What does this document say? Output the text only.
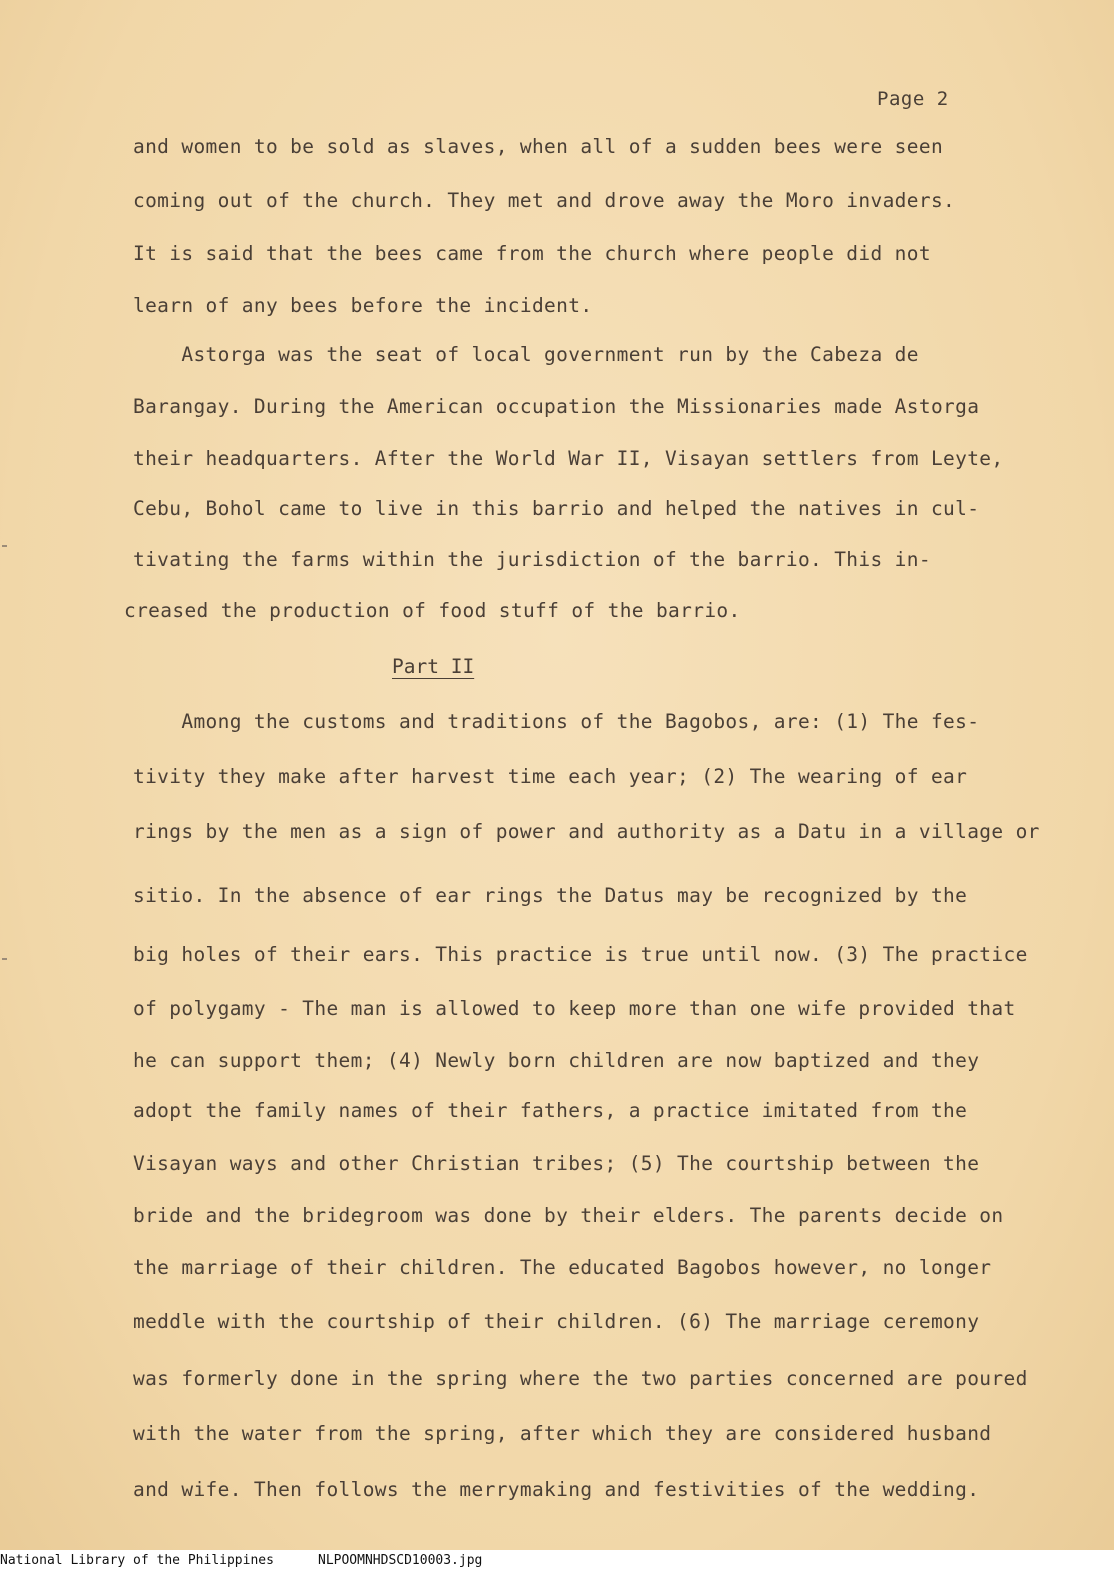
Page 2
and women to be sold as slaves, when all of a sudden bees were seen
coming out of the church. They met and drove away the Moro invaders.
It is said that the bees came from the church where people did not
learn of any bees before the incident.
Astorga was the seat of local government run by the Cabeza de
Barangay. During the American occupation the Missionaries made Astorga
their headquarters. After the World War II, Visayan settlers from Leyte,
Cebu, Bohol came to live in this barrio and helped the natives in cul-
tivating the farms within the jurisdiction of the barrio. This in-
creased the production of food stuff of the barrio.
Part II
Among the customs and traditions of the Bagobos, are: (1) The fes-
tivity they make after harvest time each year; (2) The wearing of ear
rings by the men as a sign of power and authority as a Datu in a village or
sitio. In the absence of ear rings the Datus may be recognized by the
big holes of their ears. This practice is true until now. (3) The practice
of polygamy - The man is allowed to keep more than one wife provided that
he can support them; (4) Newly born children are now baptized and they
adopt the family names of their fathers, a practice imitated from the
Visayan ways and other Christian tribes; (5) The courtship between the
bride and the bridegroom was done by their elders. The parents decide on
the marriage of their children. The educated Bagobos however, no longer
meddle with the courtship of their children. (6) The marriage ceremony
was formerly done in the spring where the two parties concerned are poured
with the water from the spring, after which they are considered husband
and wife. Then follows the merrymaking and festivities of the wedding.
National Library of the Philippines	NLPOOMNHDSCD10003.jpg
